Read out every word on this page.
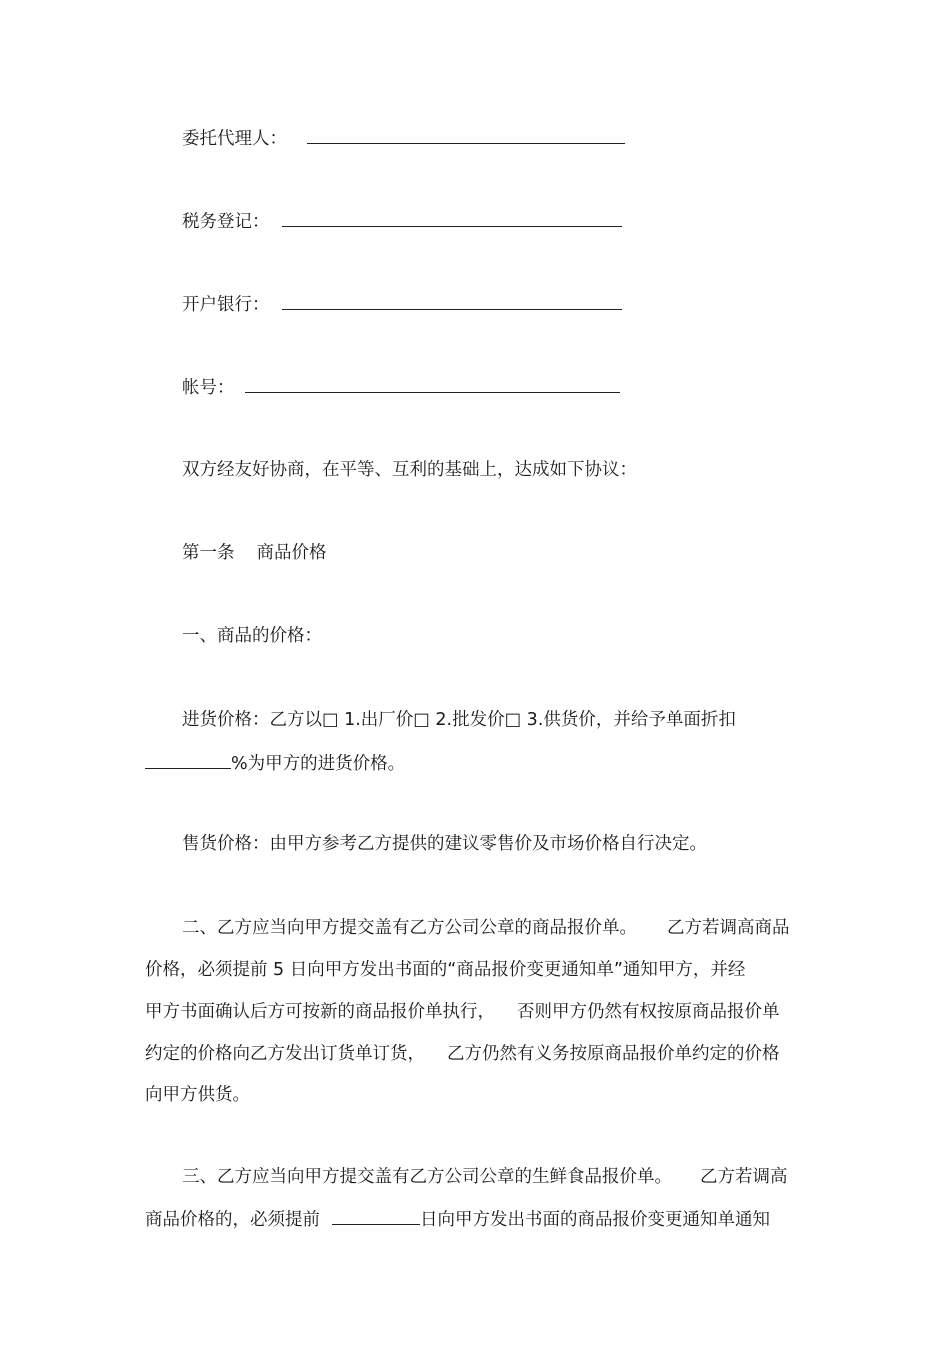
委托代理人：
税务登记：
开户银行：
帐号：
双方经友好协商，在平等、互利的基础上，达成如下协议：
第一条 商品价格
一、商品的价格：
进货价格：乙方以□ 1.出厂价□ 2.批发价□ 3.供货价，并给予单面折扣
%为甲方的进货价格。
售货价格：由甲方参考乙方提供的建议零售价及市场价格自行决定。
二、乙方应当向甲方提交盖有乙方公司公章的商品报价单。 乙方若调高商品
价格，必须提前 5 日向甲方发出书面的“商品报价变更通知单”通知甲方，并经
甲方书面确认后方可按新的商品报价单执行， 否则甲方仍然有权按原商品报价单
约定的价格向乙方发出订货单订货， 乙方仍然有义务按原商品报价单约定的价格
向甲方供货。
三、乙方应当向甲方提交盖有乙方公司公章的生鲜食品报价单。 乙方若调高
商品价格的，必须提前	日向甲方发出书面的商品报价变更通知单通知
